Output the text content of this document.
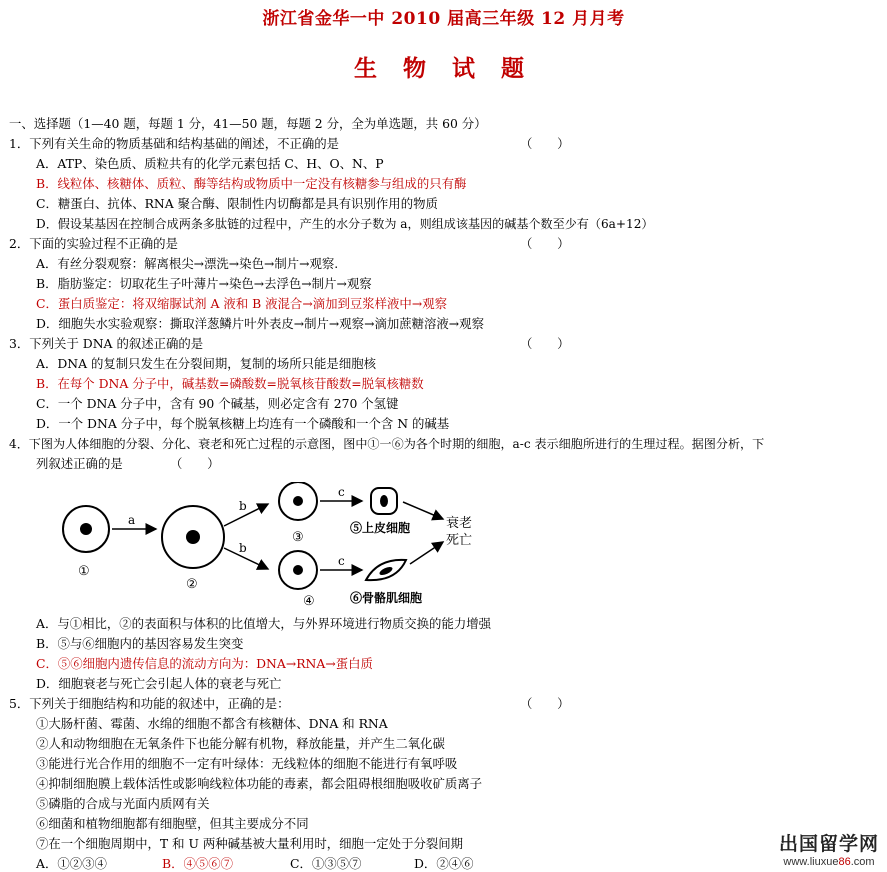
浙江省金华一中 2010 届高三年级 12 月月考
生 物 试 题
一、选择题（1—40 题，每题 1 分，41—50 题，每题 2 分，全为单选题，共 60 分）
1．下列有关生命的物质基础和结构基础的阐述，不正确的是	（　　）
A．ATP、染色质、质粒共有的化学元素包括 C、H、O、N、P
B．线粒体、核糖体、质粒、酶等结构或物质中一定没有核糖参与组成的只有酶
C．糖蛋白、抗体、RNA 聚合酶、限制性内切酶都是具有识别作用的物质
D．假设某基因在控制合成两条多肽链的过程中，产生的水分子数为 a，则组成该基因的碱基个数至少有（6a+12）
2．下面的实验过程不正确的是	（　　）
A．有丝分裂观察：解离根尖→漂洗→染色→制片→观察.
B．脂肪鉴定：切取花生子叶薄片→染色→去浮色→制片→观察
C．蛋白质鉴定：将双缩脲试剂 A 液和 B 液混合→滴加到豆浆样液中→观察
D．细胞失水实验观察：撕取洋葱鳞片叶外表皮→制片→观察→滴加蔗糖溶液→观察
3．下列关于 DNA 的叙述正确的是	（　　）
A．DNA 的复制只发生在分裂间期，复制的场所只能是细胞核
B．在每个 DNA 分子中，碱基数=磷酸数=脱氧核苷酸数=脱氧核糖数
C．一个 DNA 分子中，含有 90 个碱基，则必定含有 270 个氢键
D．一个 DNA 分子中，每个脱氧核糖上均连有一个磷酸和一个含 N 的碱基
4．下图为人体细胞的分裂、分化、衰老和死亡过程的示意图，图中①一⑥为各个时期的细胞，a-c 表示细胞所进行的生理过程。据图分析，下
列叙述正确的是	（　　）
①
a
②
b
b
③
④
c
c
⑤上皮细胞
⑥骨骼肌细胞
衰老
死亡
A．与①相比，②的表面积与体积的比值增大，与外界环境进行物质交换的能力增强
B．⑤与⑥细胞内的基因容易发生突变
C．⑤⑥细胞内遗传信息的流动方向为：DNA→RNA→蛋白质
D．细胞衰老与死亡会引起人体的衰老与死亡
5．下列关于细胞结构和功能的叙述中，正确的是：	（　　）
①大肠杆菌、霉菌、水绵的细胞不都含有核糖体、DNA 和 RNA
②人和动物细胞在无氧条件下也能分解有机物，释放能量，并产生二氧化碳
③能进行光合作用的细胞不一定有叶绿体：无线粒体的细胞不能进行有氧呼吸
④抑制细胞膜上载体活性或影响线粒体功能的毒素，都会阻碍根细胞吸收矿质离子
⑤磷脂的合成与光面内质网有关
⑥细菌和植物细胞都有细胞壁，但其主要成分不同
⑦在一个细胞周期中，T 和 U 两种碱基被大量利用时，细胞一定处于分裂间期
A．①②③④	B．④⑤⑥⑦	C．①③⑤⑦	D．②④⑥
出国留学网
www.liuxue86.com
